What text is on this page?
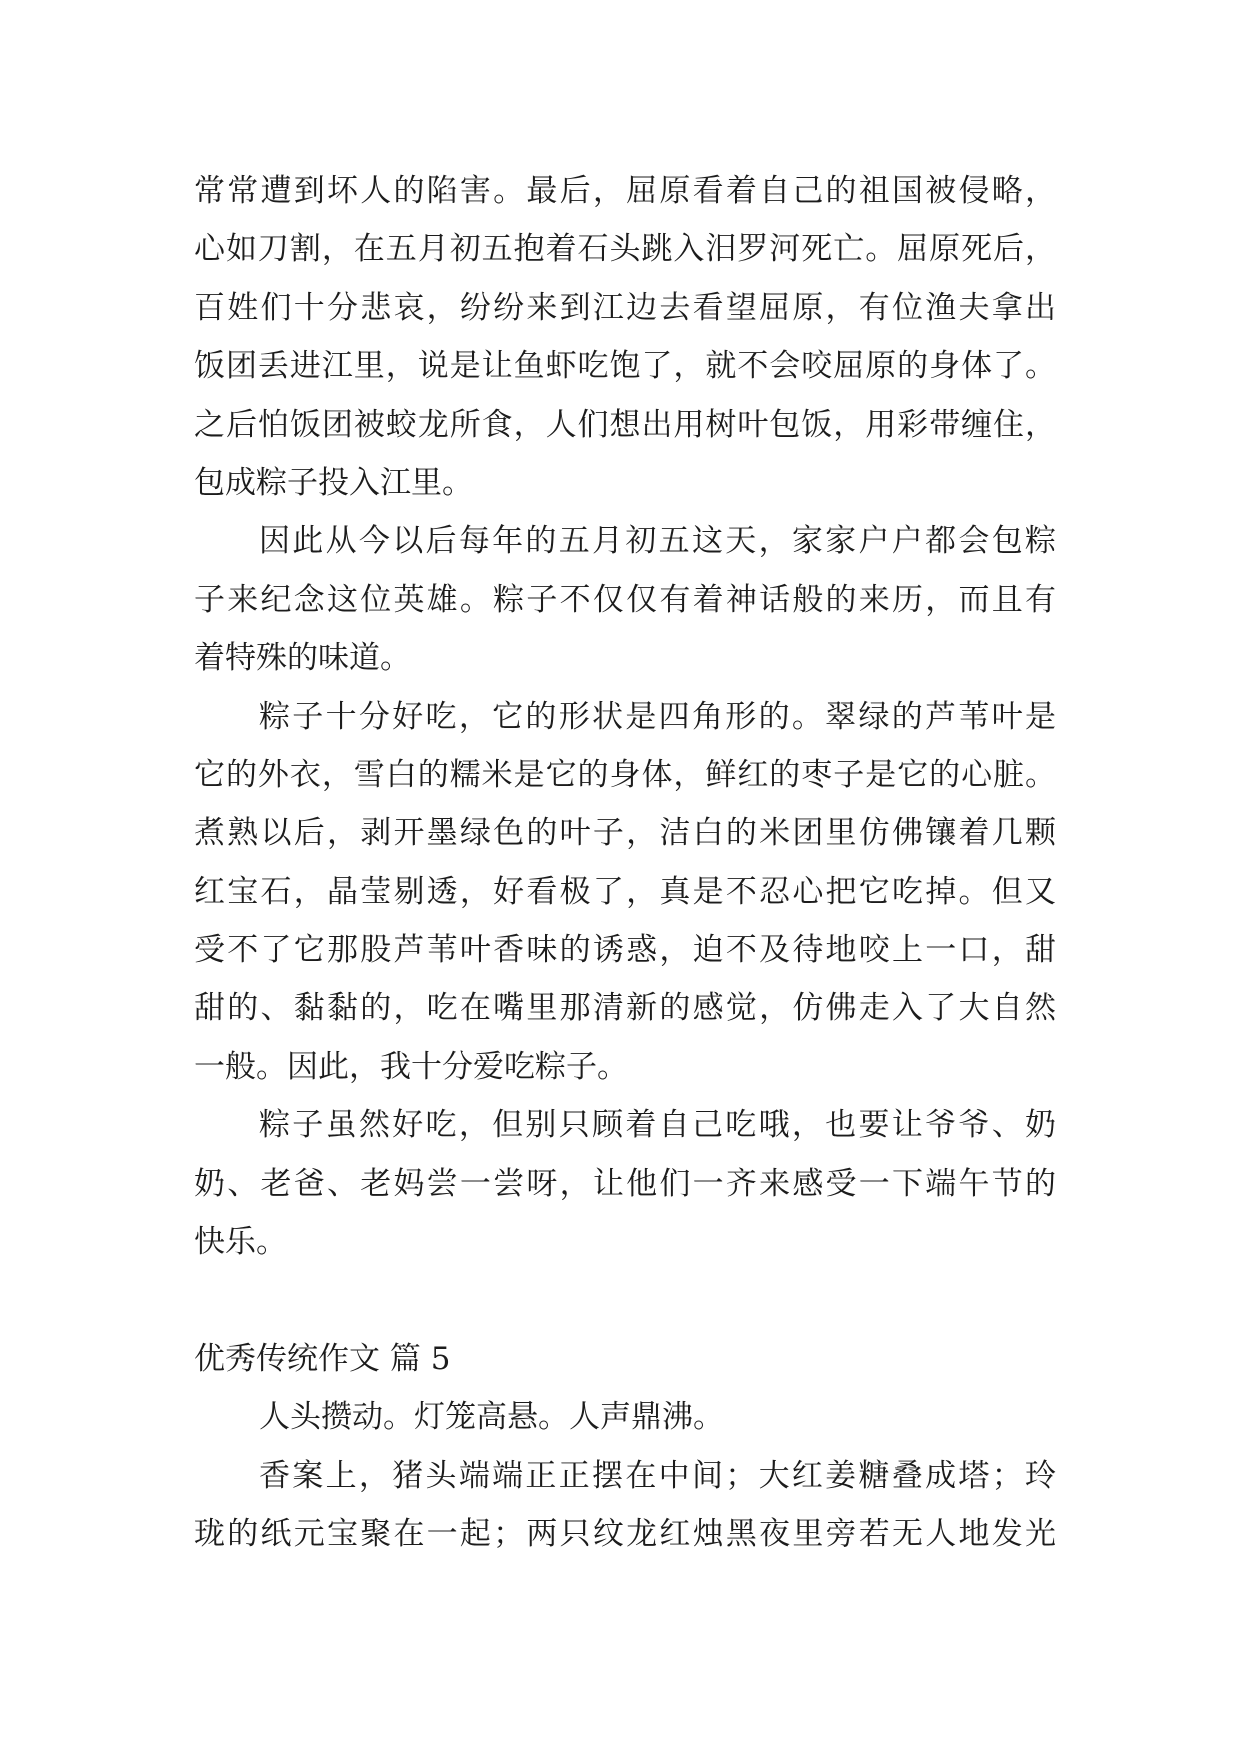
常常遭到坏人的陷害。最后，屈原看着自己的祖国被侵略，
心如刀割，在五月初五抱着石头跳入汨罗河死亡。屈原死后，
百姓们十分悲哀，纷纷来到江边去看望屈原，有位渔夫拿出
饭团丢进江里，说是让鱼虾吃饱了，就不会咬屈原的身体了。
之后怕饭团被蛟龙所食，人们想出用树叶包饭，用彩带缠住，
包成粽子投入江里。
因此从今以后每年的五月初五这天，家家户户都会包粽
子来纪念这位英雄。粽子不仅仅有着神话般的来历，而且有
着特殊的味道。
粽子十分好吃，它的形状是四角形的。翠绿的芦苇叶是
它的外衣，雪白的糯米是它的身体，鲜红的枣子是它的心脏。
煮熟以后，剥开墨绿色的叶子，洁白的米团里仿佛镶着几颗
红宝石，晶莹剔透，好看极了，真是不忍心把它吃掉。但又
受不了它那股芦苇叶香味的诱惑，迫不及待地咬上一口，甜
甜的、黏黏的，吃在嘴里那清新的感觉，仿佛走入了大自然
一般。因此，我十分爱吃粽子。
粽子虽然好吃，但别只顾着自己吃哦，也要让爷爷、奶
奶、老爸、老妈尝一尝呀，让他们一齐来感受一下端午节的
快乐。
优秀传统作文 篇 5
人头攒动。灯笼高悬。人声鼎沸。
香案上，猪头端端正正摆在中间；大红姜糖叠成塔；玲
珑的纸元宝聚在一起；两只纹龙红烛黑夜里旁若无人地发光
